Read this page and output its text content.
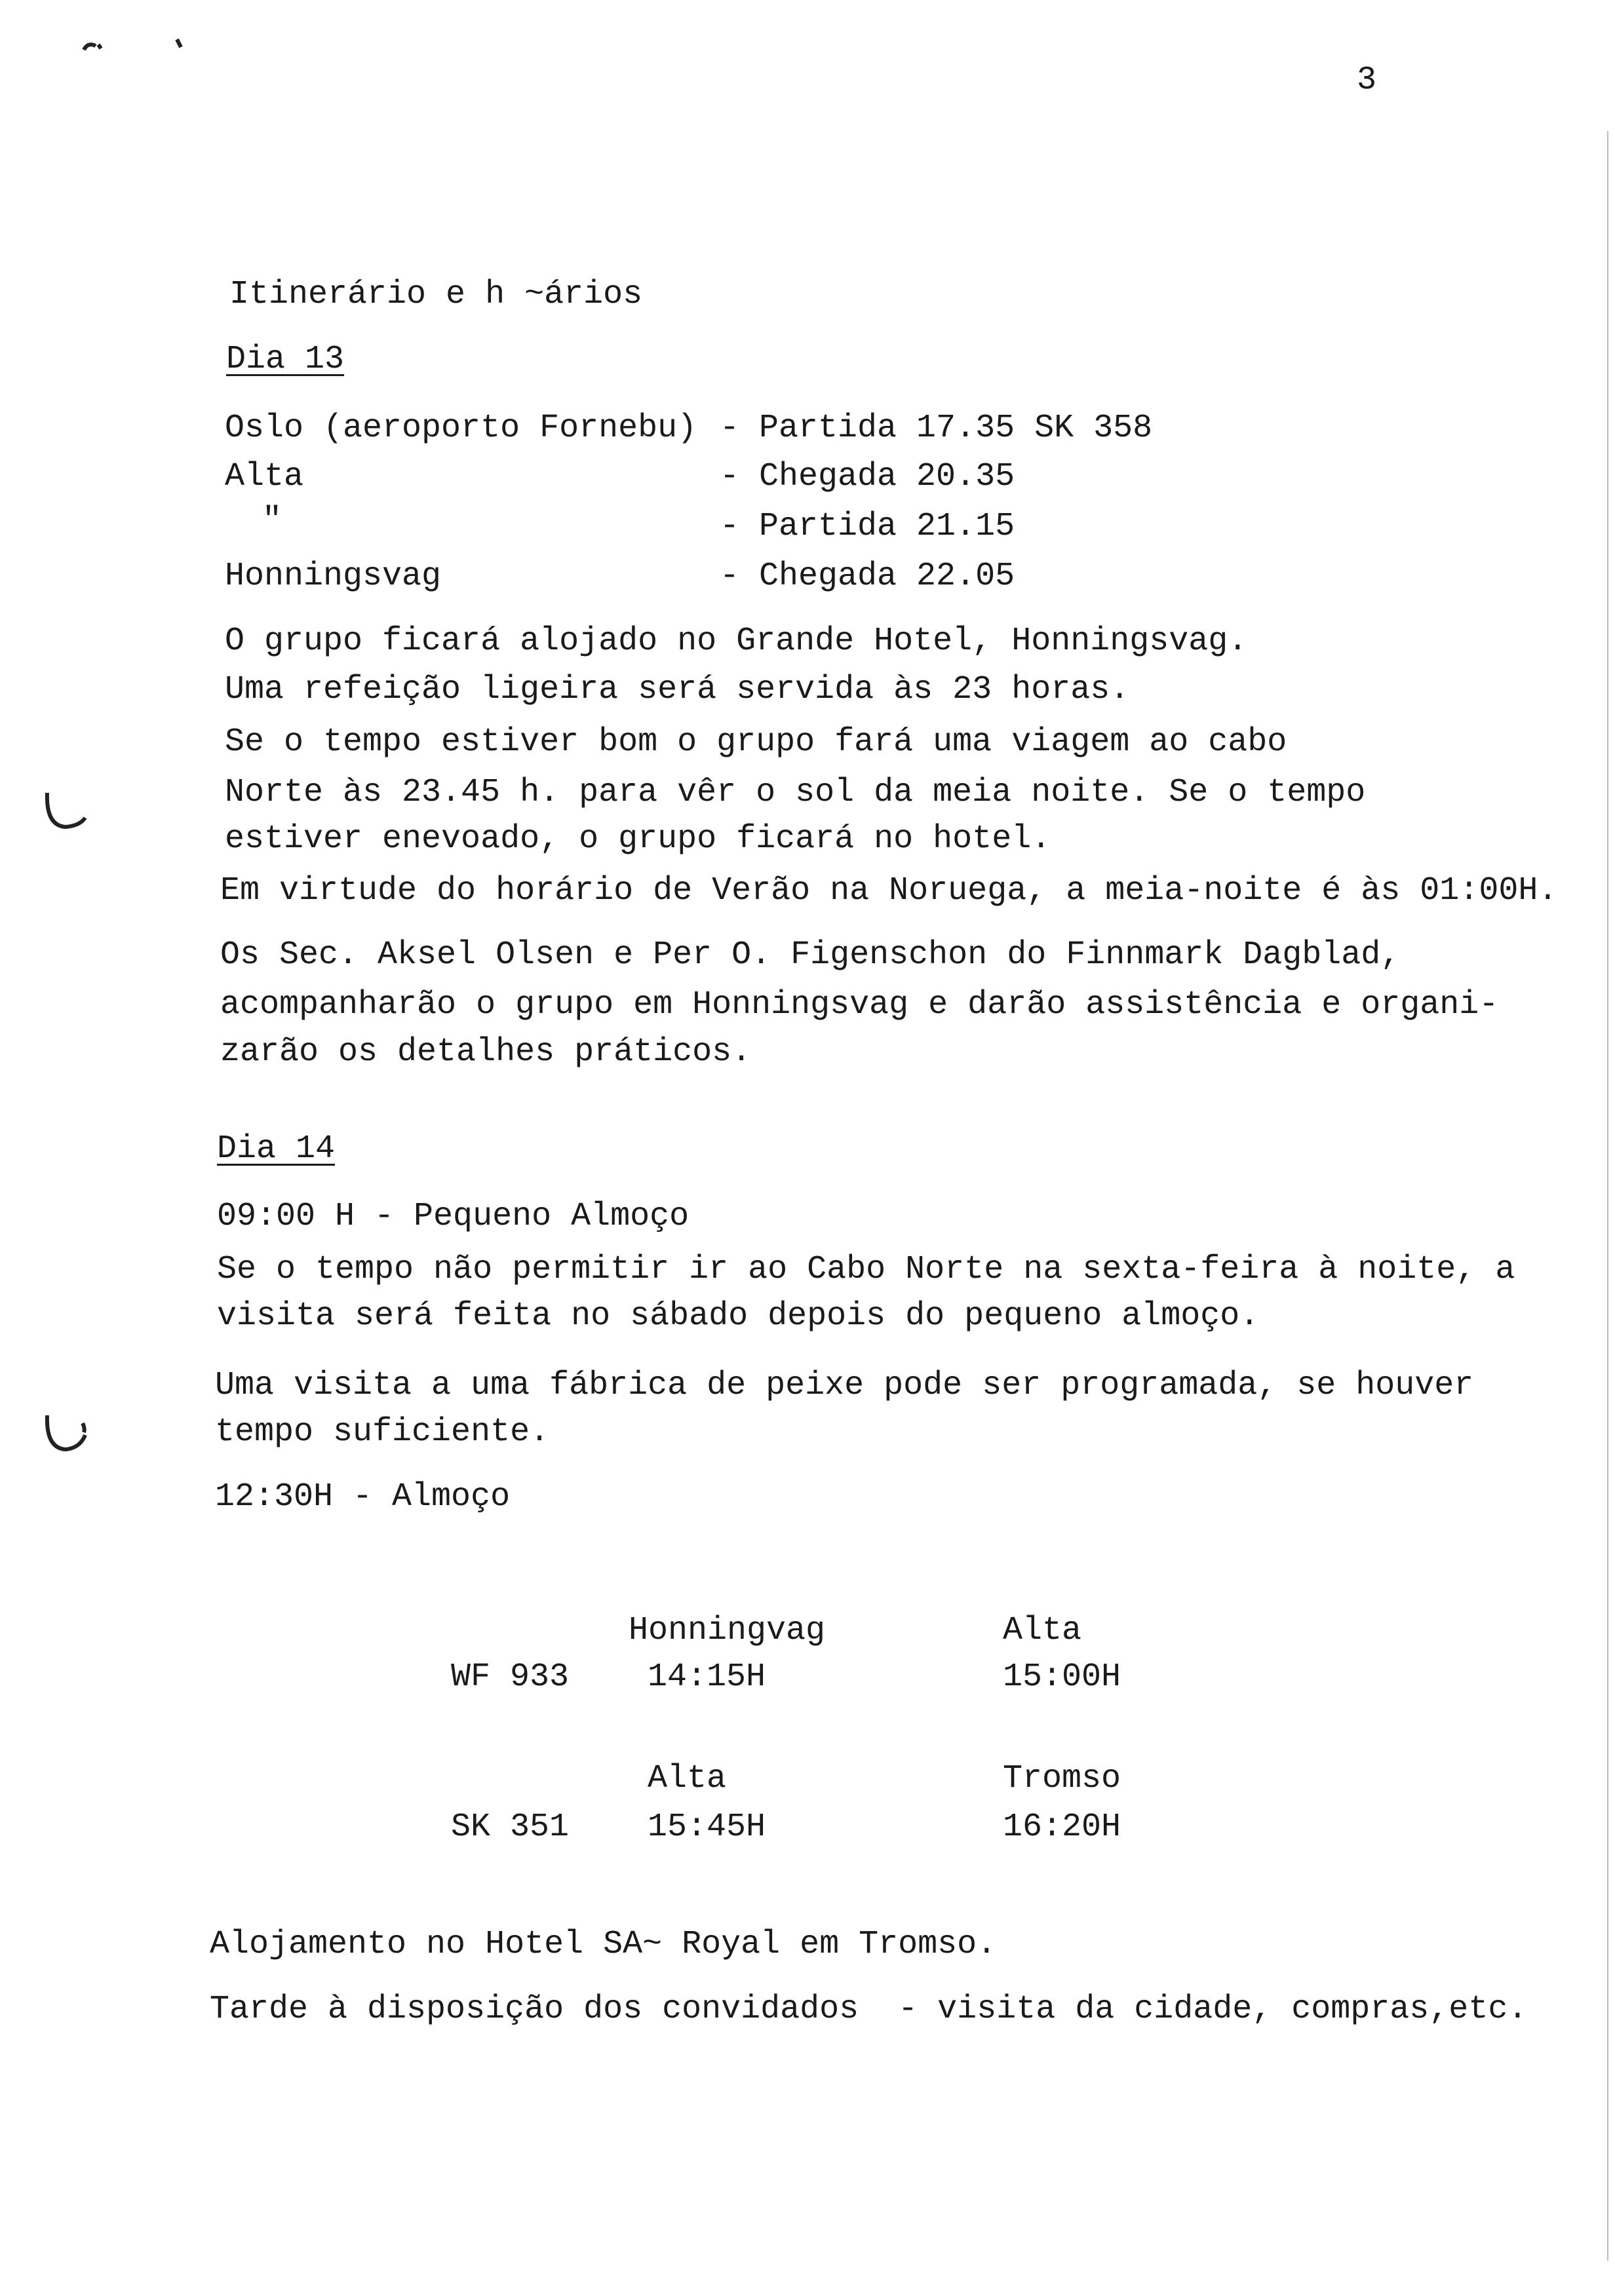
3
Itinerário e h ~ários
Dia 13
Oslo (aeroporto Fornebu) - Partida 17.35 SK 358
Alta	- Chegada 20.35
"	- Partida 21.15
Honningsvag	- Chegada 22.05
O grupo ficará alojado no Grande Hotel, Honningsvag.
Uma refeição ligeira será servida às 23 horas.
Se o tempo estiver bom o grupo fará uma viagem ao cabo
Norte às 23.45 h. para vêr o sol da meia noite. Se o tempo
estiver enevoado, o grupo ficará no hotel.
Em virtude do horário de Verão na Noruega, a meia-noite é às 01:00H.
Os Sec. Aksel Olsen e Per O. Figenschon do Finnmark Dagblad,
acompanharão o grupo em Honningsvag e darão assistência e organi-
zarão os detalhes práticos.
Dia 14
09:00 H - Pequeno Almoço
Se o tempo não permitir ir ao Cabo Norte na sexta-feira à noite, a
visita será feita no sábado depois do pequeno almoço.
Uma visita a uma fábrica de peixe pode ser programada, se houver
tempo suficiente.
12:30H - Almoço
Honningvag	Alta
WF 933 14:15H	15:00H
Alta	Tromso
SK 351 15:45H	16:20H
Alojamento no Hotel SA~ Royal em Tromso.
Tarde à disposição dos convidados  - visita da cidade, compras,etc.
